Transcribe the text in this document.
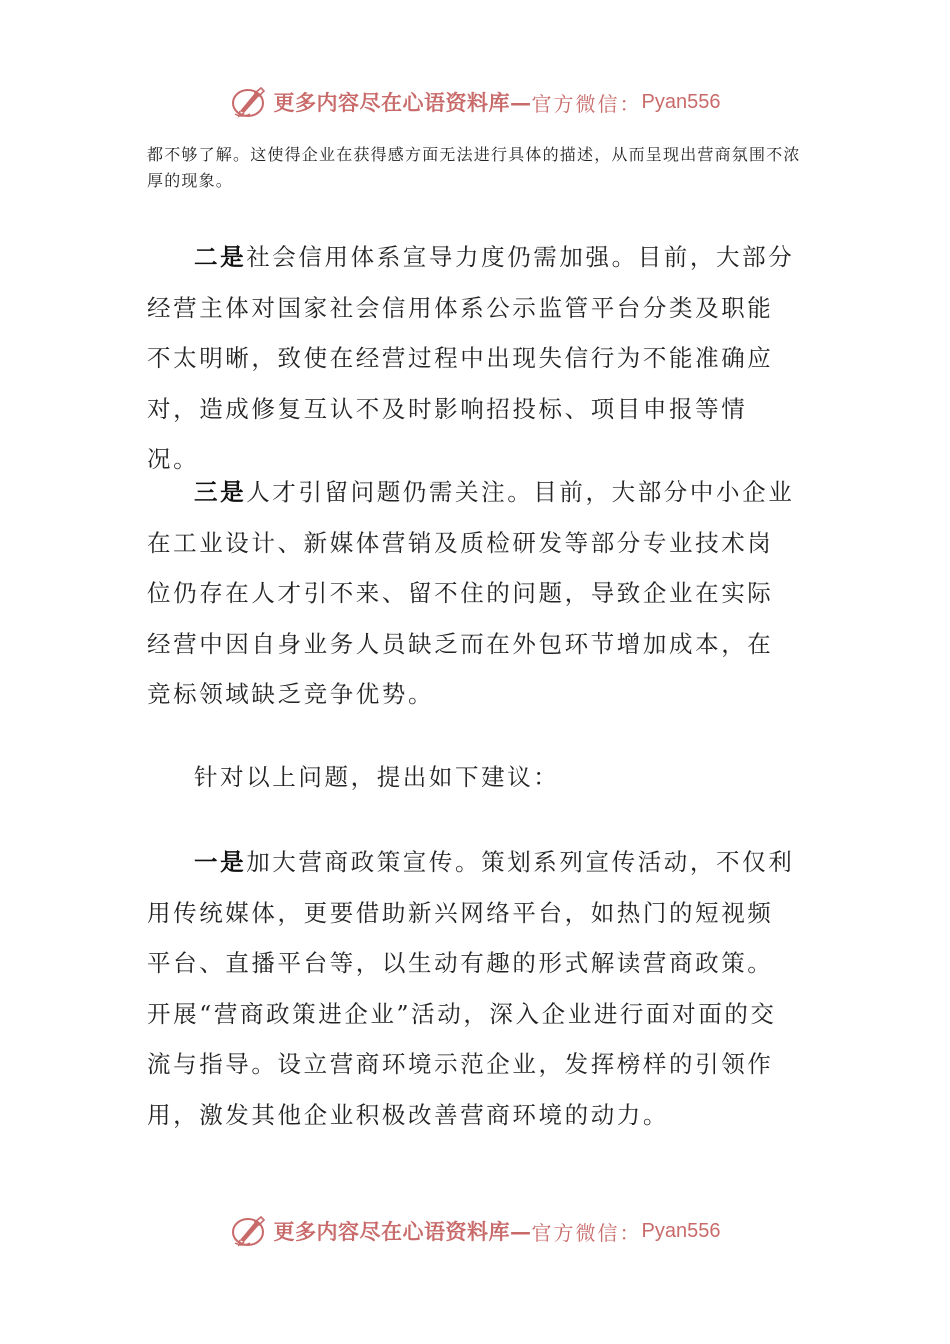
更多内容尽在心语资料库 — 官方微信： Pyan556

都不够了解。这使得企业在获得感方面无法进行具体的描述，从而呈现出营商氛围不浓厚的现象。

二是社会信用体系宣导力度仍需加强。目前，大部分经营主体对国家社会信用体系公示监管平台分类及职能不太明晰，致使在经营过程中出现失信行为不能准确应对，造成修复互认不及时影响招投标、项目申报等情况。

三是人才引留问题仍需关注。目前，大部分中小企业在工业设计、新媒体营销及质检研发等部分专业技术岗位仍存在人才引不来、留不住的问题，导致企业在实际经营中因自身业务人员缺乏而在外包环节增加成本，在竞标领域缺乏竞争优势。

针对以上问题，提出如下建议：

一是加大营商政策宣传。策划系列宣传活动，不仅利用传统媒体，更要借助新兴网络平台，如热门的短视频平台、直播平台等，以生动有趣的形式解读营商政策。开展“营商政策进企业”活动，深入企业进行面对面的交流与指导。设立营商环境示范企业，发挥榜样的引领作用，激发其他企业积极改善营商环境的动力。

更多内容尽在心语资料库 — 官方微信： Pyan556
